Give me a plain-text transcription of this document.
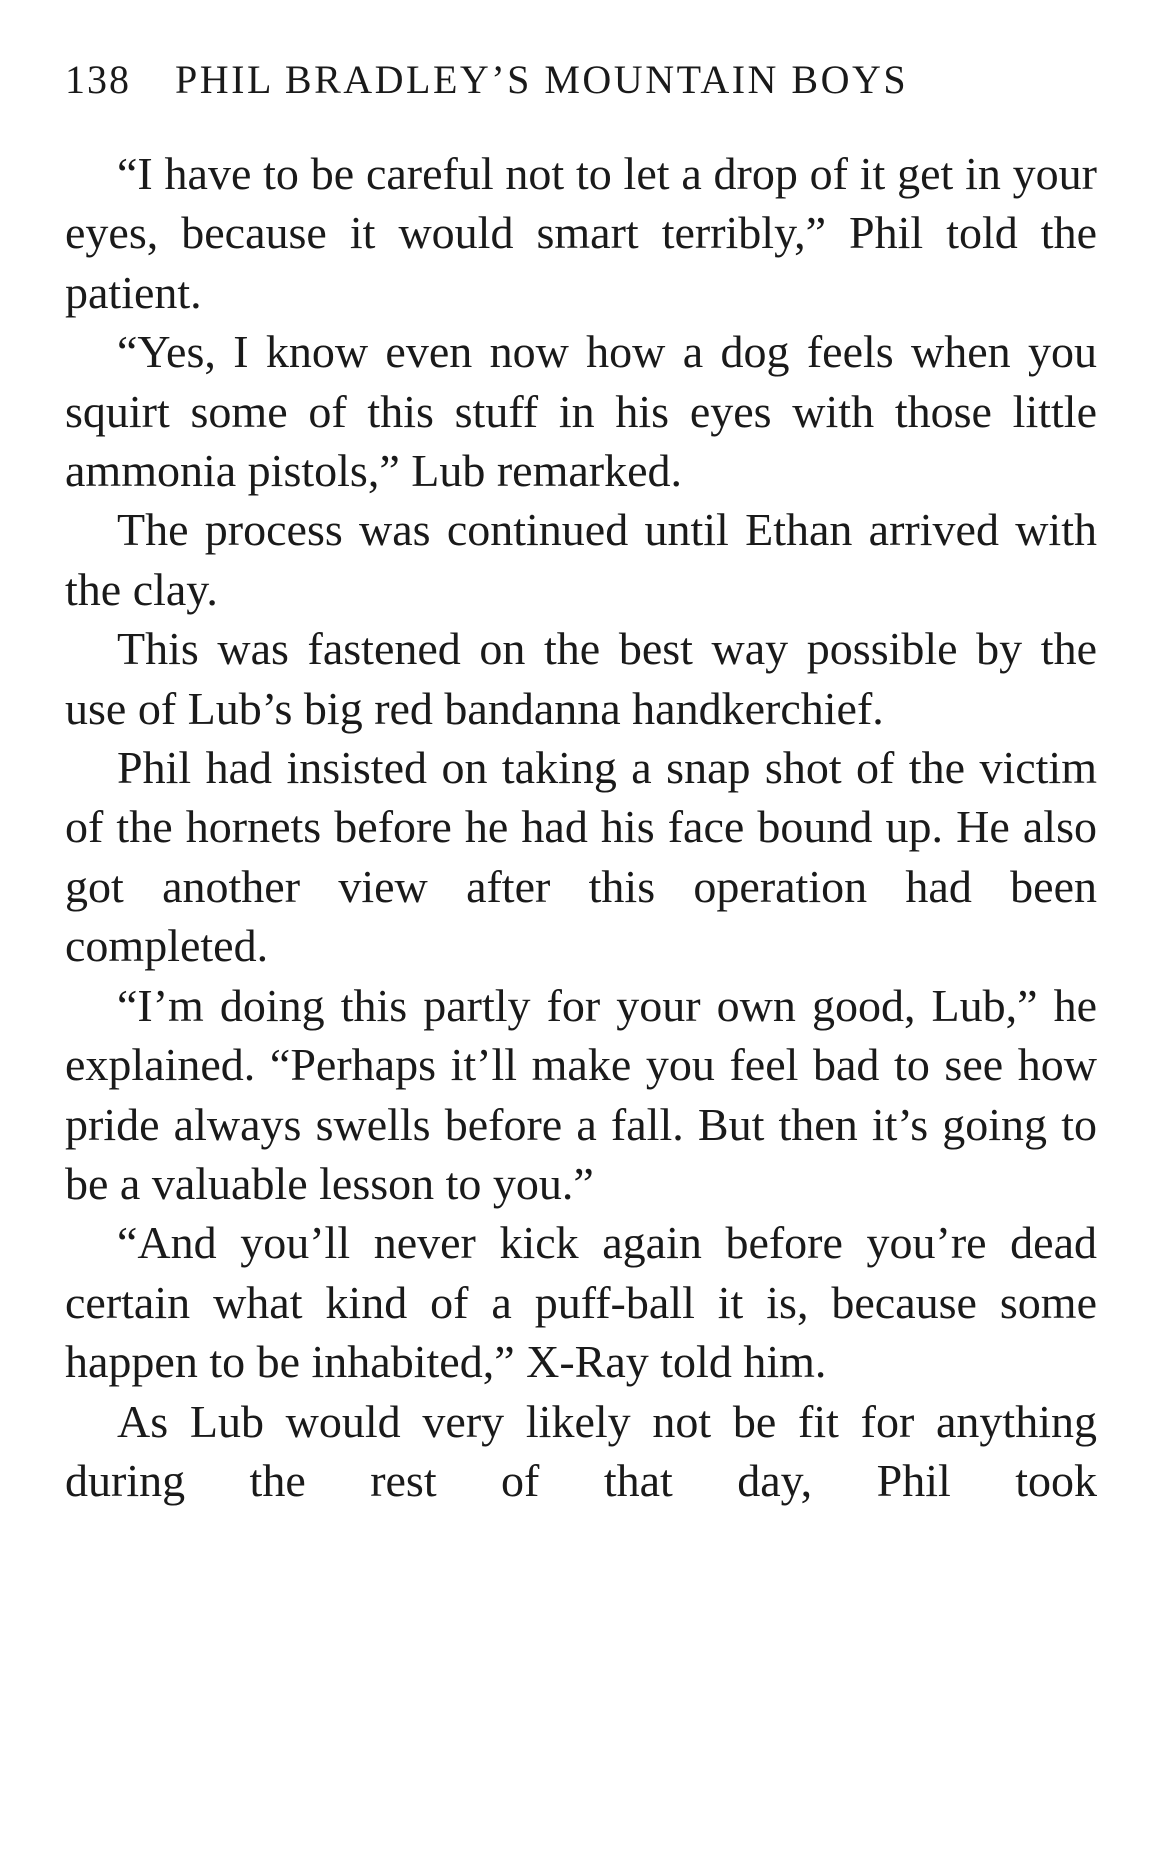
138 PHIL BRADLEY’S MOUNTAIN BOYS

“I have to be careful not to let a drop of it get in your eyes, because it would smart terribly,” Phil told the patient.

“Yes, I know even now how a dog feels when you squirt some of this stuff in his eyes with those little ammonia pistols,” Lub remarked.

The process was continued until Ethan arrived with the clay.

This was fastened on the best way possible by the use of Lub’s big red bandanna handkerchief.

Phil had insisted on taking a snap shot of the victim of the hornets before he had his face bound up. He also got another view after this operation had been completed.

“I’m doing this partly for your own good, Lub,” he explained. “Perhaps it’ll make you feel bad to see how pride always swells before a fall. But then it’s going to be a valuable lesson to you.”

“And you’ll never kick again before you’re dead certain what kind of a puff-ball it is, because some happen to be inhabited,” X-Ray told him.

As Lub would very likely not be fit for anything during the rest of that day, Phil took
